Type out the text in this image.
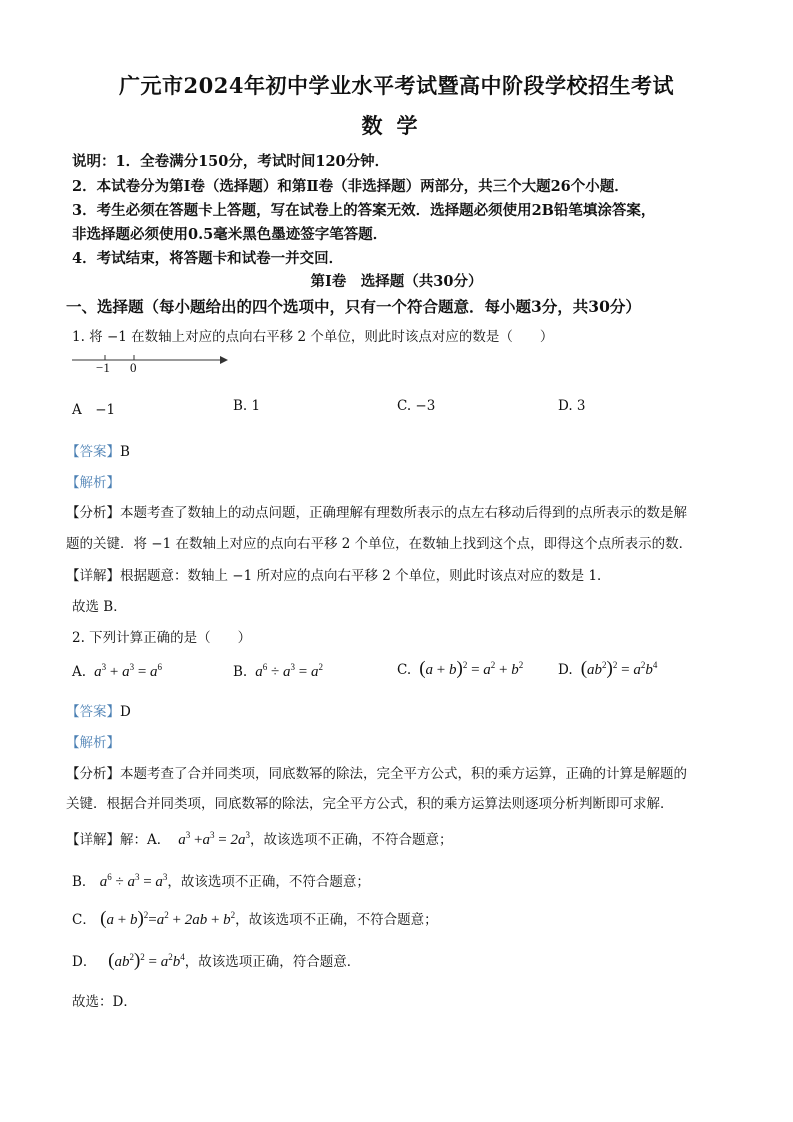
广元市2024年初中学业水平考试暨高中阶段学校招生考试
数学
说明：1．全卷满分150分，考试时间120分钟．
2．本试卷分为第Ⅰ卷（选择题）和第Ⅱ卷（非选择题）两部分，共三个大题26个小题．
3．考生必须在答题卡上答题，写在试卷上的答案无效．选择题必须使用2B铅笔填涂答案，
非选择题必须使用0.5毫米黑色墨迹签字笔答题．
4．考试结束，将答题卡和试卷一并交回．
第Ⅰ卷　选择题（共30分）
一、选择题（每小题给出的四个选项中，只有一个符合题意．每小题3分，共30分）
1. 将 −1 在数轴上对应的点向右平移 2 个单位，则此时该点对应的数是（　　）
−1 0
A　−1	B. 1	C. −3	D. 3
【答案】B
【解析】
【分析】本题考查了数轴上的动点问题，正确理解有理数所表示的点左右移动后得到的点所表示的数是解
题的关键．将 −1 在数轴上对应的点向右平移 2 个单位，在数轴上找到这个点，即得这个点所表示的数．
【详解】根据题意：数轴上 −1 所对应的点向右平移 2 个单位，则此时该点对应的数是 1．
故选 B．
2. 下列计算正确的是（　　）
A.  $a^3 + a^3 = a^6$	B.  $a^6 \div a^3 = a^2$	C. $(a + b)^2 = a^2 + b^2$	D. $(ab^2)^2 = a^2b^4$
【答案】D
【解析】
【分析】本题考查了合并同类项，同底数幂的除法，完全平方公式，积的乘方运算，正确的计算是解题的
关键．根据合并同类项，同底数幂的除法，完全平方公式，积的乘方运算法则逐项分析判断即可求解．
【详解】解：A．  $a^3 +a^3 = 2a^3$，故该选项不正确，不符合题意；
B． $a^6 \div a^3 = a^3$，故该选项不正确，不符合题意；
C． $(a + b)^2=a^2 + 2ab + b^2$，故该选项不正确，不符合题意；
D． $(ab^2)^2 = a^2b^4$，故该选项正确，符合题意．
故选：D．
